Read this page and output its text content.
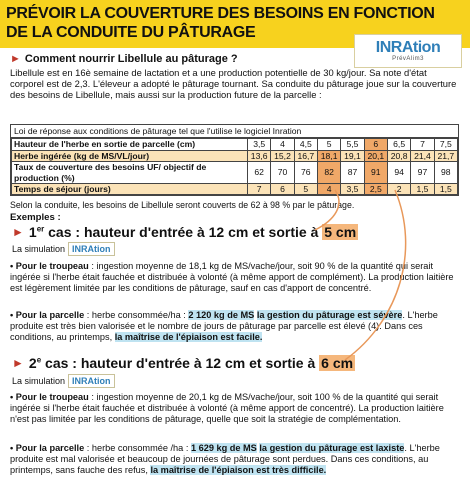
PRÉVOIR LA COUVERTURE DES BESOINS EN FONCTION
DE LA CONDUITE DU PÂTURAGE
INRAtion
PrévAlim3
► Comment nourrir Libellule au pâturage ?
Libellule est en 16è semaine de lactation et a une production potentielle de 30 kg/jour. Sa note d'état corporel est de 2,3. L'éleveur a adopté le pâturage tournant. Sa conduite du pâturage joue sur la couverture des besoins de Libellule, mais aussi sur la production future de la parcelle :
Loi de réponse aux conditions de pâturage tel que l'utilise le logiciel Inration
Hauteur de l'herbe en sortie de parcelle (cm)	3,5	4	4,5	5	5,5	6	6,5	7	7,5
Herbe ingérée (kg de MS/VL/jour)	13,6	15,2	16,7	18,1	19,1	20,1	20,8	21,4	21,7
Taux de couverture des besoins UF/ objectif de production (%)	62	70	76	82	87	91	94	97	98
Temps de séjour (jours)	7	6	5	4	3,5	2,5	2	1,5	1,5
Selon la conduite, les besoins de Libellule seront couverts de 62 à 98 % par le pâturage.
Exemples :
► 1er cas : hauteur d'entrée à 12 cm et sortie à 5 cm
La simulation INRAtion
• Pour le troupeau : ingestion moyenne de 18,1 kg de MS/vache/jour, soit 90 % de la quantité qui serait ingérée si l'herbe était fauchée et distribuée à volonté (à même apport de complément). La production laitière est légèrement limitée par les conditions de pâturage, sauf en cas d'apport de concentré.
• Pour la parcelle : herbe consommée/ha : 2 120 kg de MS la gestion du pâturage est sévère. L'herbe produite est très bien valorisée et le nombre de jours de pâturage par parcelle est élevé (4). Dans ces conditions, au printemps, la maîtrise de l'épiaison est facile.
► 2e cas : hauteur d'entrée à 12 cm et sortie à 6 cm
La simulation INRAtion
• Pour le troupeau : ingestion moyenne de 20,1 kg de MS/vache/jour, soit 100 % de la quantité qui serait ingérée si l'herbe était fauchée et distribuée à volonté (à même apport de concentré). La production laitière n'est pas limitée par les conditions de pâturage, quelle que soit la stratégie de complémentation.
• Pour la parcelle : herbe consommée /ha : 1 629 kg de MS la gestion du pâturage est laxiste. L'herbe produite est mal valorisée et beaucoup de journées de pâturage sont perdues. Dans ces conditions, au printemps, sans fauche des refus, la maîtrise de l'épiaison est très difficile.
